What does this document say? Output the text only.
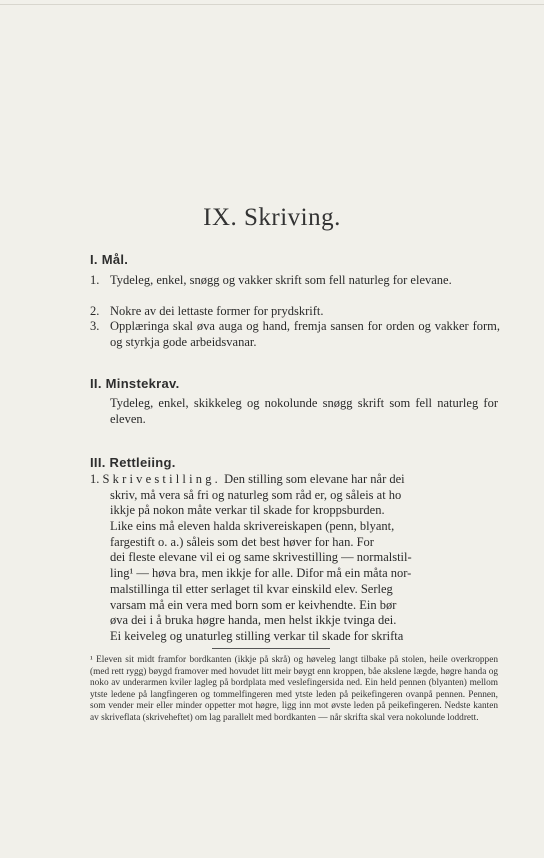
IX. Skriving.
I. Mål.
1. Tydeleg, enkel, snøgg og vakker skrift som fell naturleg for elevane.
2. Nokre av dei lettaste former for prydskrift.
3. Opplæringa skal øva auga og hand, fremja sansen for orden og vakker form, og styrkja gode arbeidsvanar.
II. Minstekrav.
Tydeleg, enkel, skikkeleg og nokolunde snøgg skrift som fell naturleg for eleven.
III. Rettleiing.
1. Skrivestilling. Den stilling som elevane har når dei
skriv, må vera så fri og naturleg som råd er, og såleis at ho
ikkje på nokon måte verkar til skade for kroppsburden.
Like eins må eleven halda skrivereiskapen (penn, blyant,
fargestift o. a.) såleis som det best høver for han. For
dei fleste elevane vil ei og same skrivestilling — normalstil-
ling¹ — høva bra, men ikkje for alle. Difor må ein måta nor-
malstillinga til etter serlaget til kvar einskild elev. Serleg
varsam må ein vera med born som er keivhendte. Ein bør
øva dei i å bruka høgre handa, men helst ikkje tvinga dei.
Ei keiveleg og unaturleg stilling verkar til skade for skrifta
¹ Eleven sit midt framfor bordkanten (ikkje på skrå) og høveleg langt tilbake på stolen, heile overkroppen (med rett rygg) bøygd framover med hovudet litt meir bøygt enn kroppen, båe akslene lægde, høgre handa og noko av underarmen kviler lagleg på bordplata med veslefingersida ned. Ein held pennen (blyanten) mellom ytste ledene på langfingeren og tommelfingeren med ytste leden på peikefingeren ovanpå pennen. Pennen, som vender meir eller minder oppetter mot høgre, ligg inn mot øvste leden på peikefingeren. Nedste kanten av skriveflata (skriveheftet) om lag parallelt med bordkanten — når skrifta skal vera nokolunde loddrett.
